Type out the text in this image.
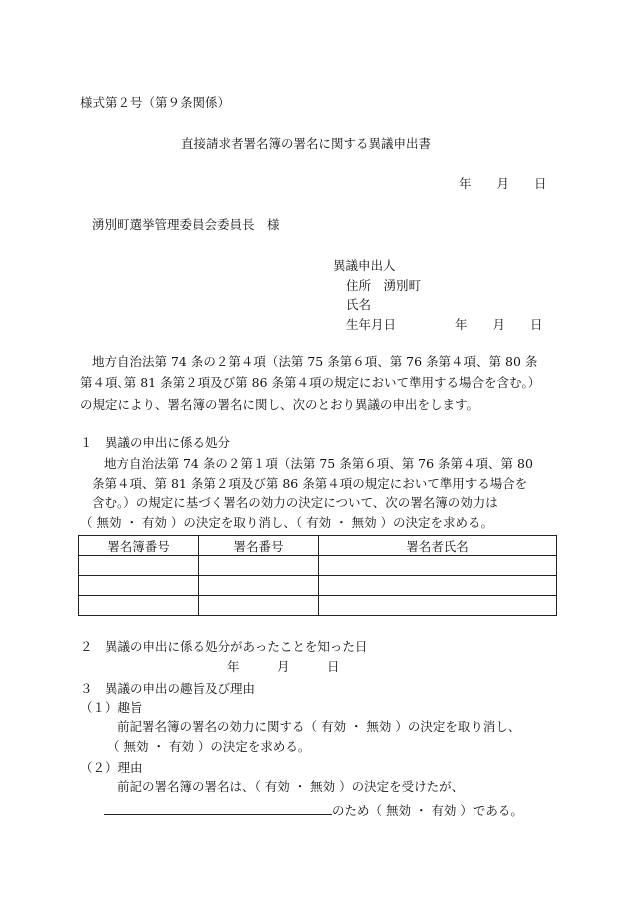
様式第２号（第９条関係）
直接請求者署名簿の署名に関する異議申出書
年　　月　　日
湧別町選挙管理委員会委員長　様
異議申出人
住所　湧別町
氏名
生年月日	年　　月　　日
地方自治法第 74 条の２第４項（法第 75 条第６項、第 76 条第４項、第 80 条
第４項､第 81 条第２項及び第 86 条第４項の規定において準用する場合を含む｡）
の規定により、署名簿の署名に関し、次のとおり異議の申出をします。
１　異議の申出に係る処分
地方自治法第 74 条の２第１項（法第 75 条第６項、第 76 条第４項、第 80
条第４項、第 81 条第２項及び第 86 条第４項の規定において準用する場合を
含む｡）の規定に基づく署名の効力の決定について、次の署名簿の効力は
（ 無効 ・ 有効 ）の決定を取り消し、（ 有効 ・ 無効 ）の決定を求める。
署名簿番号	署名番号	署名者氏名

２　異議の申出に係る処分があったことを知った日
年　　　月　　　日
３　異議の申出の趣旨及び理由
（１）趣旨
前記署名簿の署名の効力に関する（ 有効 ・ 無効 ）の決定を取り消し、
（ 無効 ・ 有効 ）の決定を求める。
（２）理由
前記の署名簿の署名は、（ 有効 ・ 無効 ）の決定を受けたが、
のため（ 無効 ・ 有効 ）である。
